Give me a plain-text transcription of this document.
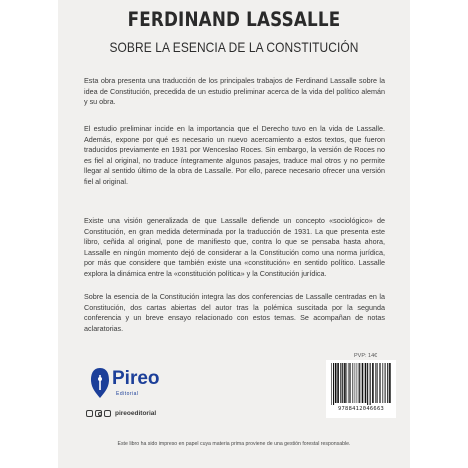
FERDINAND LASSALLE
SOBRE LA ESENCIA DE LA CONSTITUCIÓN

Esta obra presenta una traducción de los principales trabajos de Ferdinand Lassalle sobre la idea de Constitución, precedida de un estudio preliminar acerca de la vida del político alemán y su obra.

El estudio preliminar incide en la importancia que el Derecho tuvo en la vida de Lassalle. Además, expone por qué es necesario un nuevo acercamiento a estos textos, que fueron traducidos previamente en 1931 por Wenceslao Roces. Sin embargo, la versión de Roces no es fiel al original, no traduce íntegramente algunos pasajes, traduce mal otros y no permite llegar al sentido último de la obra de Lassalle. Por ello, parece necesario ofrecer una versión fiel al original.

Existe una visión generalizada de que Lassalle defiende un concepto «sociológico» de Constitución, en gran medida determinada por la traducción de 1931. La que presenta este libro, ceñida al original, pone de manifiesto que, contra lo que se pensaba hasta ahora, Lassalle en ningún momento dejó de considerar a la Constitución como una norma jurídica, por más que considere que también existe una «constitución» en sentido político. Lassalle explora la dinámica entre la «constitución política» y la Constitución jurídica.

Sobre la esencia de la Constitución integra las dos conferencias de Lassalle centradas en la Constitución, dos cartas abiertas del autor tras la polémica suscitada por la segunda conferencia y un breve ensayo relacionado con estos temas. Se acompañan de notas aclaratorias.

PVP: 14€
Pireo
Editorial
pireoeditorial
9788412046663
Este libro ha sido impreso en papel cuya materia prima proviene de una gestión forestal responsable.
